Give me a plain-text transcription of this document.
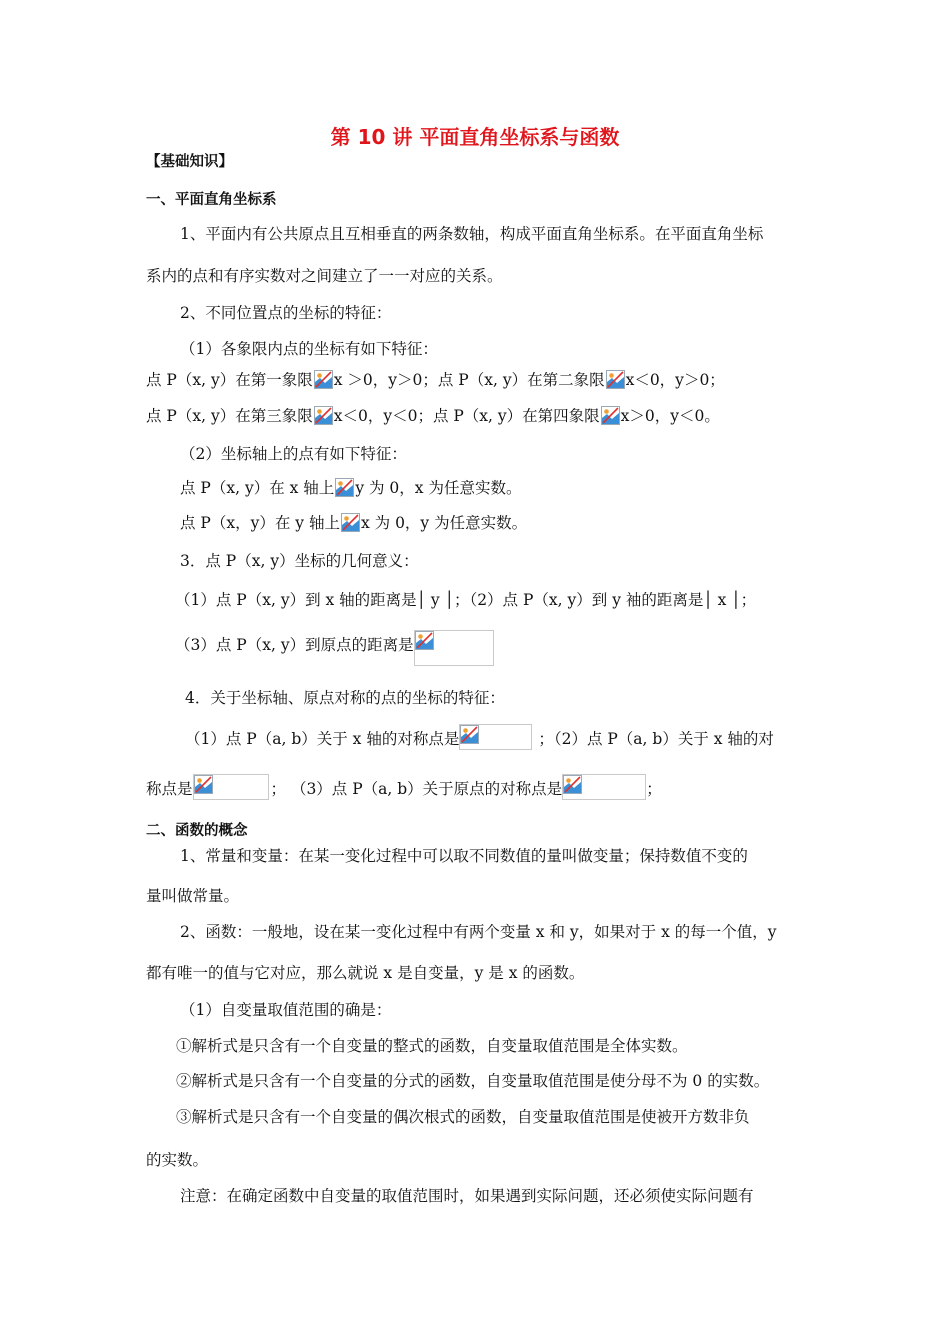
第 10 讲 平面直角坐标系与函数
【基础知识】
一、平面直角坐标系
1、平面内有公共原点且互相垂直的两条数轴，构成平面直角坐标系。在平面直角坐标
系内的点和有序实数对之间建立了一一对应的关系。
2、不同位置点的坐标的特征：
（1）各象限内点的坐标有如下特征：
点 P（x, y）在第一象限 x ＞0，y＞0；点 P（x, y）在第二象限 x＜0，y＞0；
点 P（x, y）在第三象限 x＜0，y＜0；点 P（x, y）在第四象限 x＞0，y＜0。
（2）坐标轴上的点有如下特征：
点 P（x, y）在 x 轴上 y 为 0，x 为任意实数。
点 P（x，y）在 y 轴上 x 为 0，y 为任意实数。
3．点 P（x, y）坐标的几何意义：
（1）点 P（x, y）到 x 轴的距离是│ y │；（2）点 P（x, y）到 y 袖的距离是│ x │；
（3）点 P（x, y）到原点的距离是
4．关于坐标轴、原点对称的点的坐标的特征：
（1）点 P（a, b）关于 x 轴的对称点是	；（2）点 P（a, b）关于 x 轴的对
称点是	； （3）点 P（a, b）关于原点的对称点是	；
二、函数的概念
1、常量和变量：在某一变化过程中可以取不同数值的量叫做变量；保持数值不变的
量叫做常量。
2、函数：一般地，设在某一变化过程中有两个变量 x 和 y，如果对于 x 的每一个值，y
都有唯一的值与它对应，那么就说 x 是自变量，y 是 x 的函数。
（1）自变量取值范围的确是：
①解析式是只含有一个自变量的整式的函数，自变量取值范围是全体实数。
②解析式是只含有一个自变量的分式的函数，自变量取值范围是使分母不为 0 的实数。
③解析式是只含有一个自变量的偶次根式的函数，自变量取值范围是使被开方数非负
的实数。
注意：在确定函数中自变量的取值范围时，如果遇到实际问题，还必须使实际问题有
